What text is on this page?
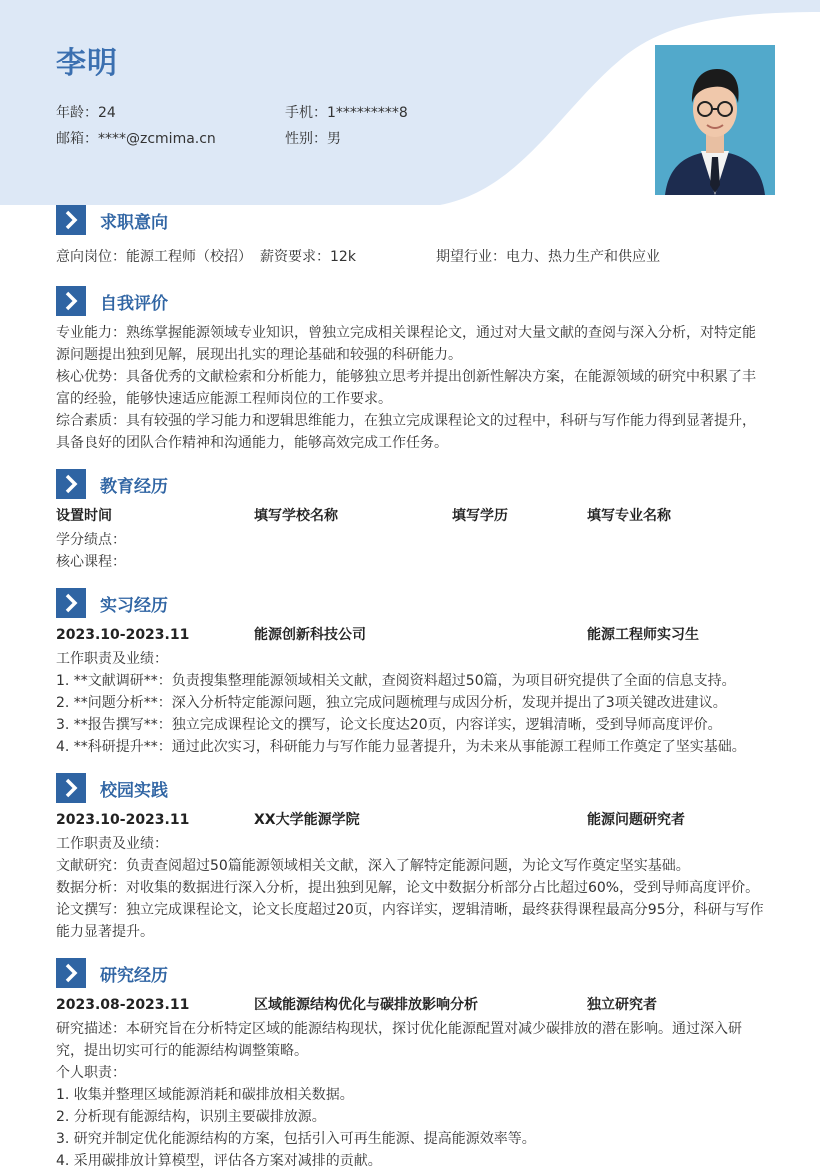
李明
年龄：24	手机：1*********8
邮箱：****@zcmima.cn	性别：男
求职意向
意向岗位：能源工程师（校招） 薪资要求：12k	期望行业：电力、热力生产和供应业
自我评价
专业能力：熟练掌握能源领域专业知识，曾独立完成相关课程论文，通过对大量文献的查阅与深入分析，对特定能源问题提出独到见解，展现出扎实的理论基础和较强的科研能力。
核心优势：具备优秀的文献检索和分析能力，能够独立思考并提出创新性解决方案，在能源领域的研究中积累了丰富的经验，能够快速适应能源工程师岗位的工作要求。
综合素质：具有较强的学习能力和逻辑思维能力，在独立完成课程论文的过程中，科研与写作能力得到显著提升，具备良好的团队合作精神和沟通能力，能够高效完成工作任务。
教育经历
设置时间	填写学校名称	填写学历	填写专业名称
学分绩点：
核心课程：
实习经历
2023.10-2023.11	能源创新科技公司	能源工程师实习生
工作职责及业绩：
1. **文献调研**：负责搜集整理能源领域相关文献，查阅资料超过50篇，为项目研究提供了全面的信息支持。
2. **问题分析**：深入分析特定能源问题，独立完成问题梳理与成因分析，发现并提出了3项关键改进建议。
3. **报告撰写**：独立完成课程论文的撰写，论文长度达20页，内容详实，逻辑清晰，受到导师高度评价。
4. **科研提升**：通过此次实习，科研能力与写作能力显著提升，为未来从事能源工程师工作奠定了坚实基础。
校园实践
2023.10-2023.11	XX大学能源学院	能源问题研究者
工作职责及业绩：
文献研究：负责查阅超过50篇能源领域相关文献，深入了解特定能源问题，为论文写作奠定坚实基础。
数据分析：对收集的数据进行深入分析，提出独到见解，论文中数据分析部分占比超过60%，受到导师高度评价。
论文撰写：独立完成课程论文，论文长度超过20页，内容详实，逻辑清晰，最终获得课程最高分95分，科研与写作能力显著提升。
研究经历
2023.08-2023.11	区域能源结构优化与碳排放影响分析	独立研究者
研究描述：本研究旨在分析特定区域的能源结构现状，探讨优化能源配置对减少碳排放的潜在影响。通过深入研究，提出切实可行的能源结构调整策略。
个人职责：
1. 收集并整理区域能源消耗和碳排放相关数据。
2. 分析现有能源结构，识别主要碳排放源。
3. 研究并制定优化能源结构的方案，包括引入可再生能源、提高能源效率等。
4. 采用碳排放计算模型，评估各方案对减排的贡献。
